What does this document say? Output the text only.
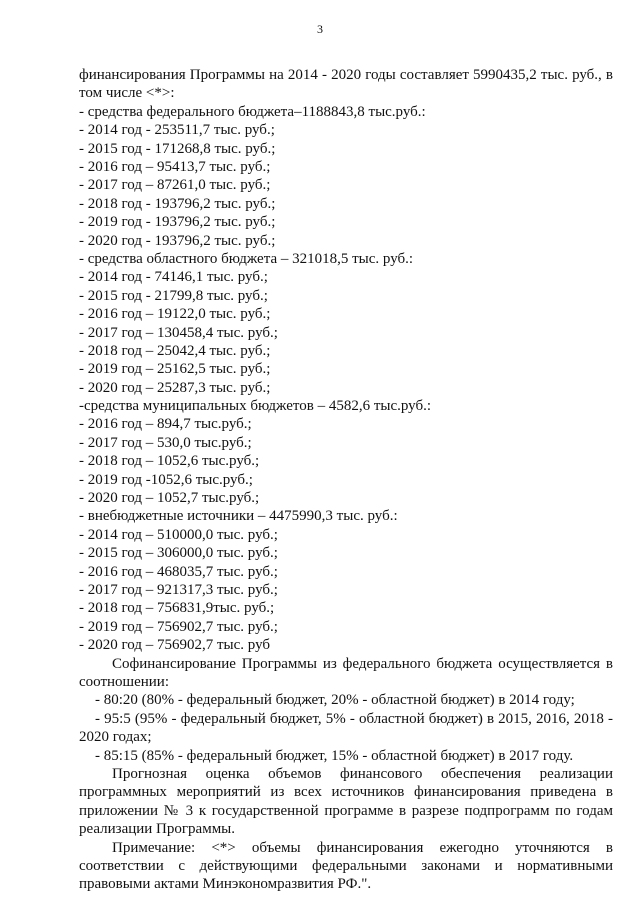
3

финансирования Программы на 2014 - 2020 годы составляет 5990435,2 тыс. руб., в том числе <*>:

- средства федерального бюджета–1188843,8 тыс.руб.:
- 2014 год - 253511,7 тыс. руб.;
- 2015 год - 171268,8 тыс. руб.;
- 2016 год – 95413,7 тыс. руб.;
- 2017 год – 87261,0 тыс. руб.;
- 2018 год - 193796,2 тыс. руб.;
- 2019 год - 193796,2 тыс. руб.;
- 2020 год - 193796,2 тыс. руб.;
- средства областного бюджета – 321018,5 тыс. руб.:
- 2014 год - 74146,1 тыс. руб.;
- 2015 год - 21799,8 тыс. руб.;
- 2016 год – 19122,0 тыс. руб.;
- 2017 год – 130458,4 тыс. руб.;
- 2018 год – 25042,4 тыс. руб.;
- 2019 год – 25162,5 тыс. руб.;
- 2020 год – 25287,3 тыс. руб.;
-средства муниципальных бюджетов – 4582,6 тыс.руб.:
- 2016 год – 894,7 тыс.руб.;
- 2017 год – 530,0 тыс.руб.;
- 2018 год – 1052,6 тыс.руб.;
- 2019 год -1052,6 тыс.руб.;
- 2020 год – 1052,7 тыс.руб.;
- внебюджетные источники – 4475990,3 тыс. руб.:
- 2014 год – 510000,0 тыс. руб.;
- 2015 год – 306000,0 тыс. руб.;
- 2016 год – 468035,7 тыс. руб.;
- 2017 год – 921317,3 тыс. руб.;
- 2018 год – 756831,9тыс. руб.;
- 2019 год – 756902,7 тыс. руб.;
- 2020 год – 756902,7 тыс. руб

Софинансирование Программы из федерального бюджета осуществляется в соотношении:

- 80:20 (80% - федеральный бюджет, 20% - областной бюджет) в 2014 году;

- 95:5 (95% - федеральный бюджет, 5% - областной бюджет) в 2015, 2016, 2018 - 2020 годах;

- 85:15 (85% - федеральный бюджет, 15% - областной бюджет) в 2017 году.

Прогнозная оценка объемов финансового обеспечения реализации программных мероприятий из всех источников финансирования приведена в приложении № 3 к государственной программе в разрезе подпрограмм по годам реализации Программы.

Примечание: <*> объемы финансирования ежегодно уточняются в соответствии с действующими федеральными законами и нормативными правовыми актами Минэкономразвития РФ.".
